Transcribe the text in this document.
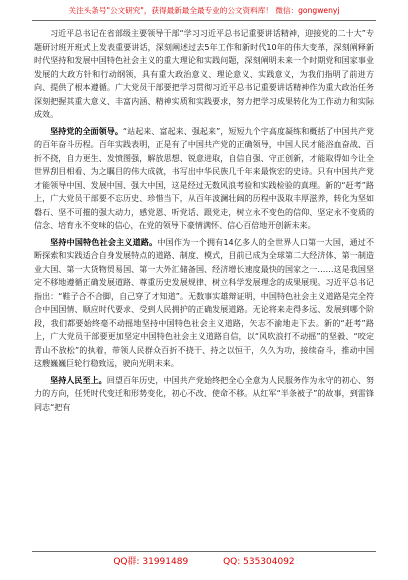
关注头条号"公文研究"，获得最新最全最专业的公文资料库！ 微信：gongwenyj

习近平总书记在省部级主要领导干部“学习习近平总书记重要讲话精神，迎接党的二十大”专题研讨班开班式上发表重要讲话，深刻阐述过去5年工作和新时代10年的伟大变革，深刻阐释新时代坚持和发展中国特色社会主义的重大理论和实践问题，深刻阐明未来一个时期党和国家事业发展的大政方针和行动纲领，具有重大政治意义、理论意义、实践意义，为我们指明了前进方向、提供了根本遵循。广大党员干部要把学习贯彻习近平总书记重要讲话精神作为重大政治任务深刻把握其重大意义、丰富内涵、精神实质和实践要求，努力把学习成果转化为工作动力和实际成效。

坚持党的全面领导。“站起来、富起来、强起来”，短短九个字高度凝练和概括了中国共产党的百年奋斗历程。百年实践表明，正是有了中国共产党的正确领导，中国人民才能浴血奋战、百折不挠，自力更生、发愤图强，解放思想、锐意进取，自信自强、守正创新，才能取得如今让全世界刮目相看、为之瞩目的伟大成就，书写出中华民族几千年来最恢宏的史诗。只有中国共产党才能领导中国、发展中国、强大中国，这是经过无数风浪考验和实践检验的真理。新的“赶考”路上，广大党员干部要不忘历史、珍惜当下，从百年波澜壮阔的历程中汲取丰厚滋养，转化为坚如磐石、坚不可摧的强大动力，感党恩、听党话、跟党走，树立永不变色的信仰、坚定永不变质的信念、培育永不变味的信心，在党的领导下豪情满怀、信心百倍地开创新未来。

坚持中国特色社会主义道路。中国作为一个拥有14亿多人的全世界人口第一大国，通过不断探索和实践适合自身发展特点的道路、制度、模式，目前已成为全球第二大经济体、第一制造业大国、第一大货物贸易国、第一大外汇储备国、经济增长速度最快的国家之一……这是我国坚定不移地遵循正确发展道路、尊重历史发展规律、树立科学发展理念的成果展现。习近平总书记指出：“鞋子合不合脚，自己穿了才知道”。无数事实雄辩证明，中国特色社会主义道路是完全符合中国国情、顺应时代要求、受到人民拥护的正确发展道路。无论将来走得多远、发展到哪个阶段，我们都要始终毫不动摇地坚持中国特色社会主义道路，矢志不渝地走下去。新的“赶考”路上，广大党员干部要更加坚定中国特色社会主义道路自信，以“风吹浪打不动摇”的坚毅、“咬定青山不放松”的执着，带领人民群众百折不挠干、持之以恒干，久久为功，接续奋斗，推动中国这艘巍巍巨轮行稳致远，驶向光明未来。

坚持人民至上。回望百年历史，中国共产党始终把全心全意为人民服务作为永守的初心、努力的方向，任凭时代变迁和形势变化，初心不改、使命不移。从红军“半条被子”的故事，到雷锋同志“把有

QQ群: 31991489	QQ: 535304092
